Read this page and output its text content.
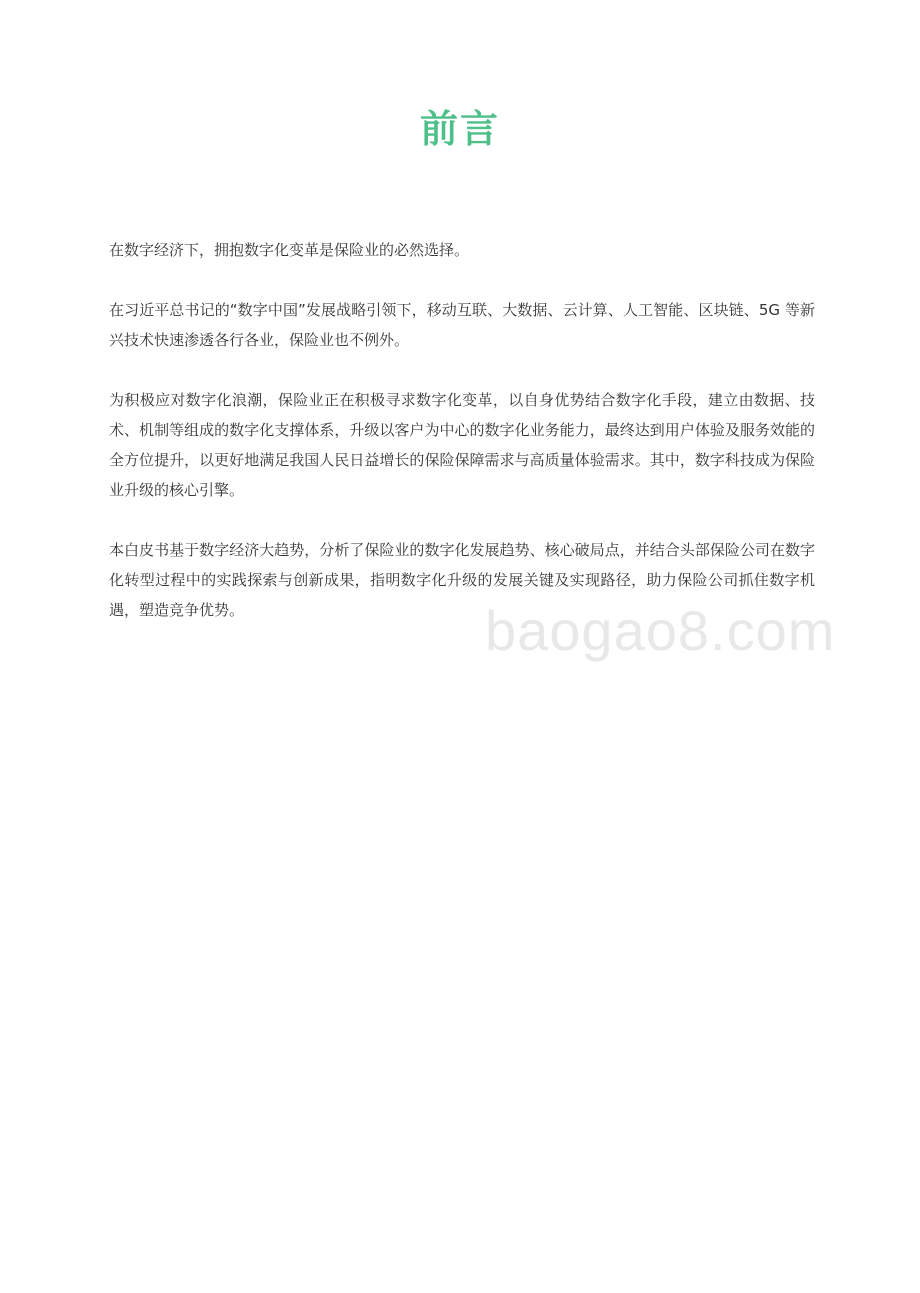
前言

在数字经济下，拥抱数字化变革是保险业的必然选择。

在习近平总书记的“数字中国”发展战略引领下，移动互联、大数据、云计算、人工智能、区块链、5G 等新兴技术快速渗透各行各业，保险业也不例外。

为积极应对数字化浪潮，保险业正在积极寻求数字化变革，以自身优势结合数字化手段，建立由数据、技术、机制等组成的数字化支撑体系，升级以客户为中心的数字化业务能力，最终达到用户体验及服务效能的全方位提升，以更好地满足我国人民日益增长的保险保障需求与高质量体验需求。其中，数字科技成为保险业升级的核心引擎。

本白皮书基于数字经济大趋势，分析了保险业的数字化发展趋势、核心破局点，并结合头部保险公司在数字化转型过程中的实践探索与创新成果，指明数字化升级的发展关键及实现路径，助力保险公司抓住数字机遇，塑造竞争优势。	baogao8.com
